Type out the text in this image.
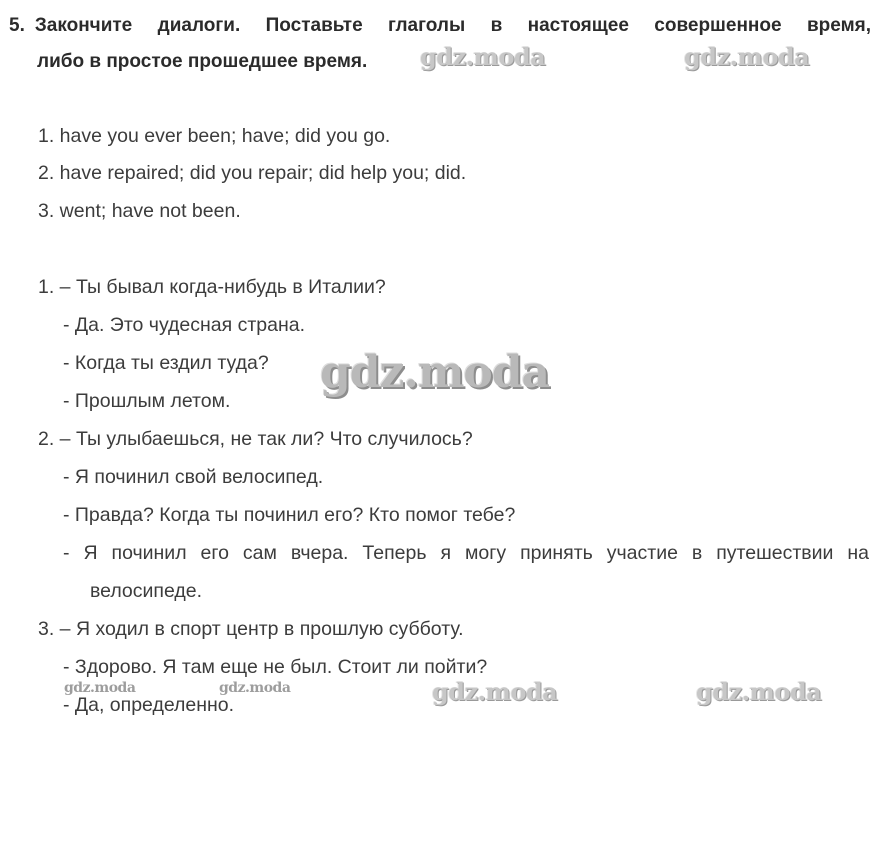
5. Закончите диалоги. Поставьте глаголы в настоящее совершенное время,
либо в простое прошедшее время.
1. have you ever been; have; did you go.
2. have repaired; did you repair; did help you; did.
3. went; have not been.
1. – Ты бывал когда-нибудь в Италии?
- Да. Это чудесная страна.
- Когда ты ездил туда?
- Прошлым летом.
2. – Ты улыбаешься, не так ли? Что случилось?
- Я починил свой велосипед.
- Правда? Когда ты починил его? Кто помог тебе?
- Я починил его сам вчера. Теперь я могу принять участие в путешествии на
велосипеде.
3. – Я ходил в спорт центр в прошлую субботу.
- Здорово. Я там еще не был. Стоит ли пойти?
- Да, определенно.
gdz.moda	gdz.moda
gdz.moda
gdz.moda	gdz.moda	gdz.moda	gdz.moda
